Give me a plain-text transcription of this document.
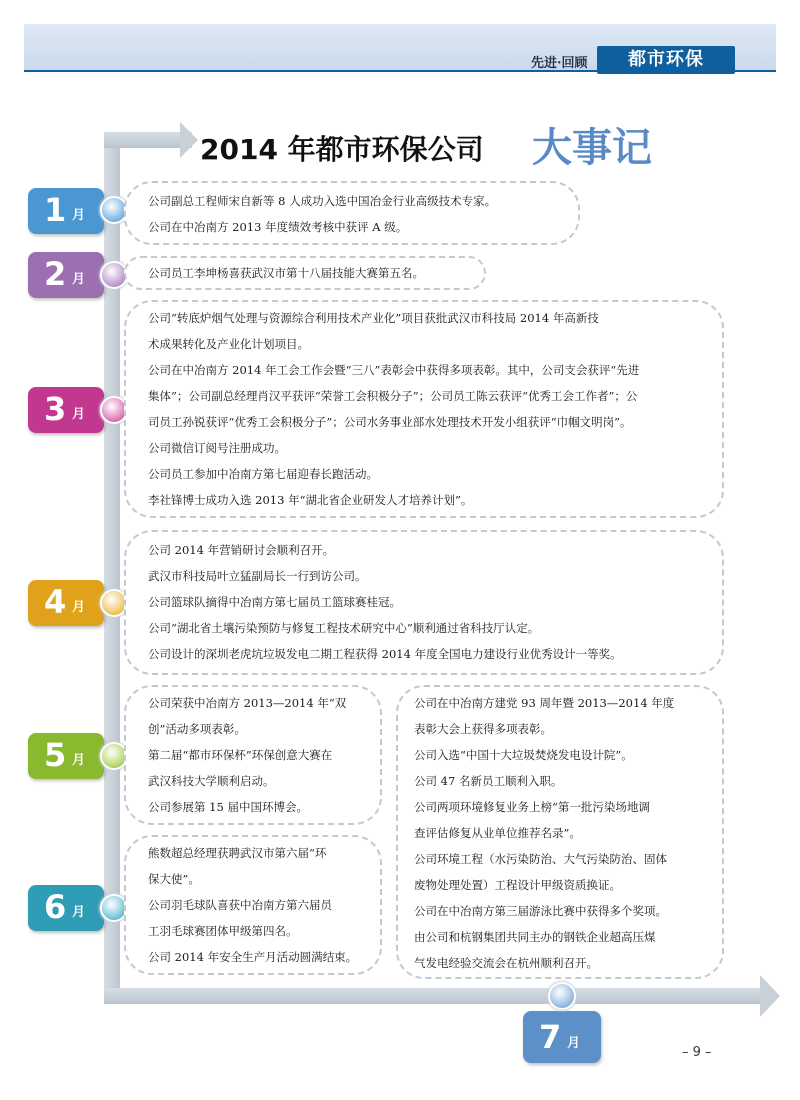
先进·回顾	都市环保
2014 年都市环保公司 大事记
1 月
2 月
3 月
4 月
5 月
6 月
7 月
公司副总工程师宋自新等 8 人成功入选中国冶金行业高级技术专家。
公司在中冶南方 2013 年度绩效考核中获评 A 级。
公司员工李坤杨喜获武汉市第十八届技能大赛第五名。
公司“转底炉烟气处理与资源综合利用技术产业化”项目获批武汉市科技局 2014 年高新技
术成果转化及产业化计划项目。
公司在中冶南方 2014 年工会工作会暨“三八”表彰会中获得多项表彰。其中，公司支会获评“先进
集体”；公司副总经理肖汉平获评“荣誉工会积极分子”；公司员工陈云获评“优秀工会工作者”；公
司员工孙锐获评“优秀工会积极分子”；公司水务事业部水处理技术开发小组获评“巾帼文明岗”。
公司微信订阅号注册成功。
公司员工参加中冶南方第七届迎春长跑活动。
李社锋博士成功入选 2013 年“湖北省企业研发人才培养计划”。
公司 2014 年营销研讨会顺利召开。
武汉市科技局叶立猛副局长一行到访公司。
公司篮球队摘得中冶南方第七届员工篮球赛桂冠。
公司“湖北省土壤污染预防与修复工程技术研究中心”顺利通过省科技厅认定。
公司设计的深圳老虎坑垃圾发电二期工程获得 2014 年度全国电力建设行业优秀设计一等奖。
公司荣获中冶南方 2013—2014 年“双
创”活动多项表彰。
第二届“都市环保杯”环保创意大赛在
武汉科技大学顺利启动。
公司参展第 15 届中国环博会。
熊数超总经理获聘武汉市第六届“环
保大使”。
公司羽毛球队喜获中冶南方第六届员
工羽毛球赛团体甲级第四名。
公司 2014 年安全生产月活动圆满结束。
公司在中冶南方建党 93 周年暨 2013—2014 年度
表彰大会上获得多项表彰。
公司入选“中国十大垃圾焚烧发电设计院”。
公司 47 名新员工顺利入职。
公司两项环境修复业务上榜“第一批污染场地调
查评估修复从业单位推荐名录”。
公司环境工程（水污染防治、大气污染防治、固体
废物处理处置）工程设计甲级资质换证。
公司在中冶南方第三届游泳比赛中获得多个奖项。
由公司和杭钢集团共同主办的钢铁企业超高压煤
气发电经验交流会在杭州顺利召开。
– 9 –
